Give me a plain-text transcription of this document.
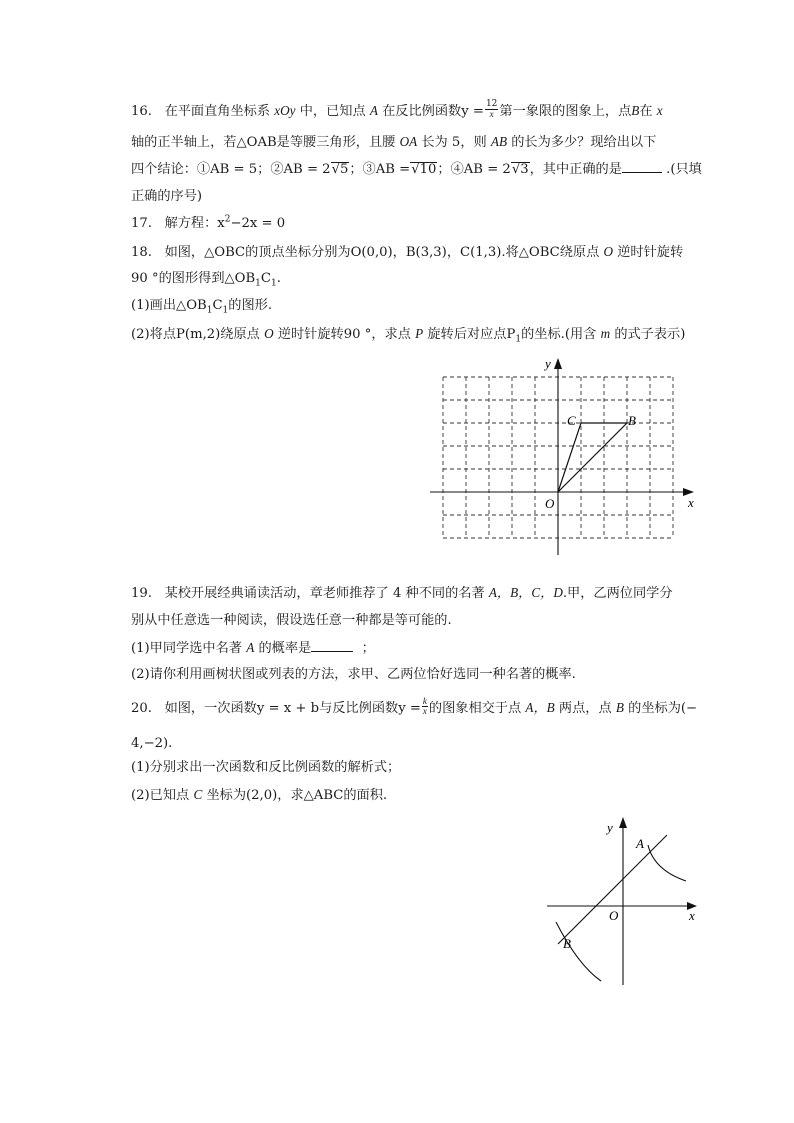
16. 在平面直角坐标系 xOy 中，已知点 A 在反比例函数$y = \frac{12}{x}$ 第一象限的图象上，点B在 x
轴的正半轴上，若△OAB是等腰三角形，且腰 OA 长为 5，则 AB 的长为多少？现给出以下
四个结论：①AB = 5；②AB = 2√5；③AB =√10；④AB = 2√3，其中正确的是	.(只填
正确的序号)
17. 解方程：$x^2-2x = 0$
18. 如图，△OBC的顶点坐标分别为O(0,0)，B(3,3)，C(1,3).将△OBC绕原点 O 逆时针旋转
90 °的图形得到$\triangle OB_1C_1$.
(1)画出$\triangle OB_1C_1$的图形.
(2)将点P(m,2)绕原点 O 逆时针旋转90 °，求点 P 旋转后对应点$P_1$的坐标.(用含 m 的式子表示)
y
x
O
C	B
19. 某校开展经典诵读活动，章老师推荐了 4 种不同的名著 A，B，C，D.甲，乙两位同学分
别从中任意选一种阅读，假设选任意一种都是等可能的.
(1)甲同学选中名著 A 的概率是	；
(2)请你利用画树状图或列表的方法，求甲、乙两位恰好选同一种名著的概率.
20. 如图，一次函数y = x + b与反比例函数$y = \frac{k}{x}$ 的图象相交于点 A，B 两点，点 B 的坐标为(−
4,−2).
(1)分别求出一次函数和反比例函数的解析式；
(2)已知点 C 坐标为(2,0)，求△ABC的面积.
y
x
O
A
B
